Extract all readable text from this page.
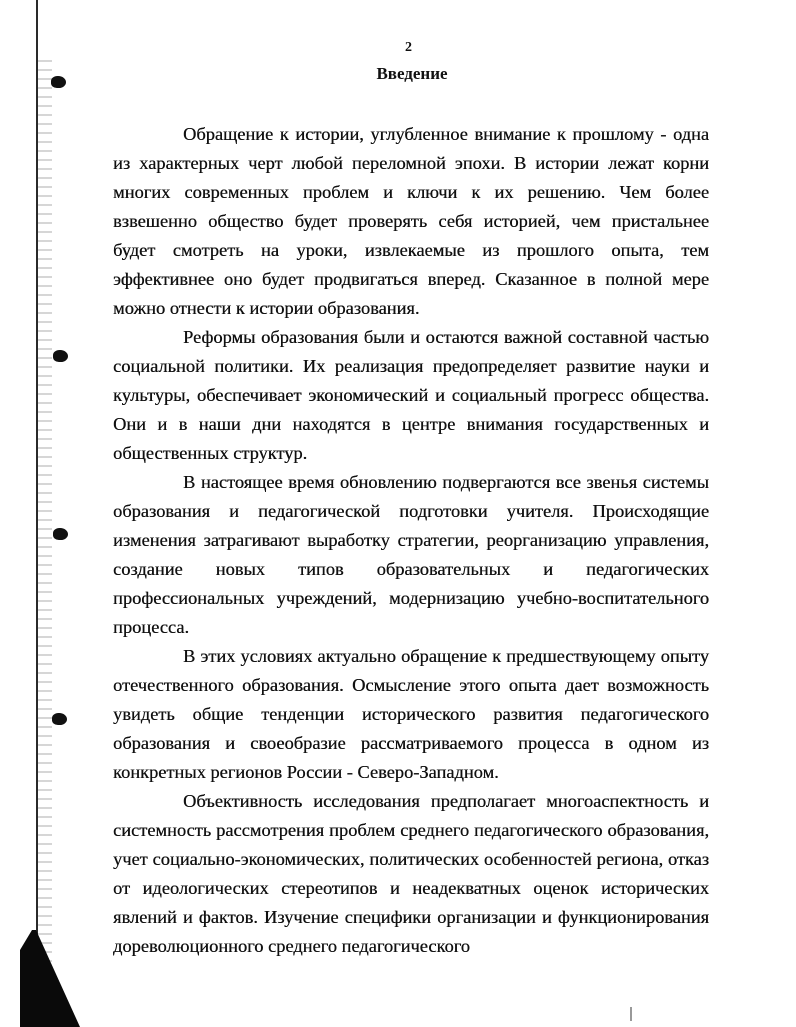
2
Введение

Обращение к истории, углубленное внимание к прошлому - одна из характерных черт любой переломной эпохи. В истории лежат корни многих современных проблем и ключи к их решению. Чем более взвешенно общество будет проверять себя историей, чем пристальнее будет смотреть на уроки, извлекаемые из прошлого опыта, тем эффективнее оно будет продвигаться вперед. Сказанное в полной мере можно отнести к истории образования.

Реформы образования были и остаются важной составной частью социальной политики. Их реализация предопределяет развитие науки и культуры, обеспечивает экономический и социальный прогресс общества. Они и в наши дни находятся в центре внимания государственных и общественных структур.

В настоящее время обновлению подвергаются все звенья системы образования и педагогической подготовки учителя. Происходящие изменения затрагивают выработку стратегии, реорганизацию управления, создание новых типов образовательных и педагогических профессиональных учреждений, модернизацию учебно-воспитательного процесса.

В этих условиях актуально обращение к предшествующему опыту отечественного образования. Осмысление этого опыта дает возможность увидеть общие тенденции исторического развития педагогического образования и своеобразие рассматриваемого процесса в одном из конкретных регионов России - Северо-Западном.

Объективность исследования предполагает многоаспектность и системность рассмотрения проблем среднего педагогического образования, учет социально-экономических, политических особенностей региона, отказ от идеологических стереотипов и неадекватных оценок исторических явлений и фактов. Изучение специфики организации и функционирования дореволюционного среднего педагогического
